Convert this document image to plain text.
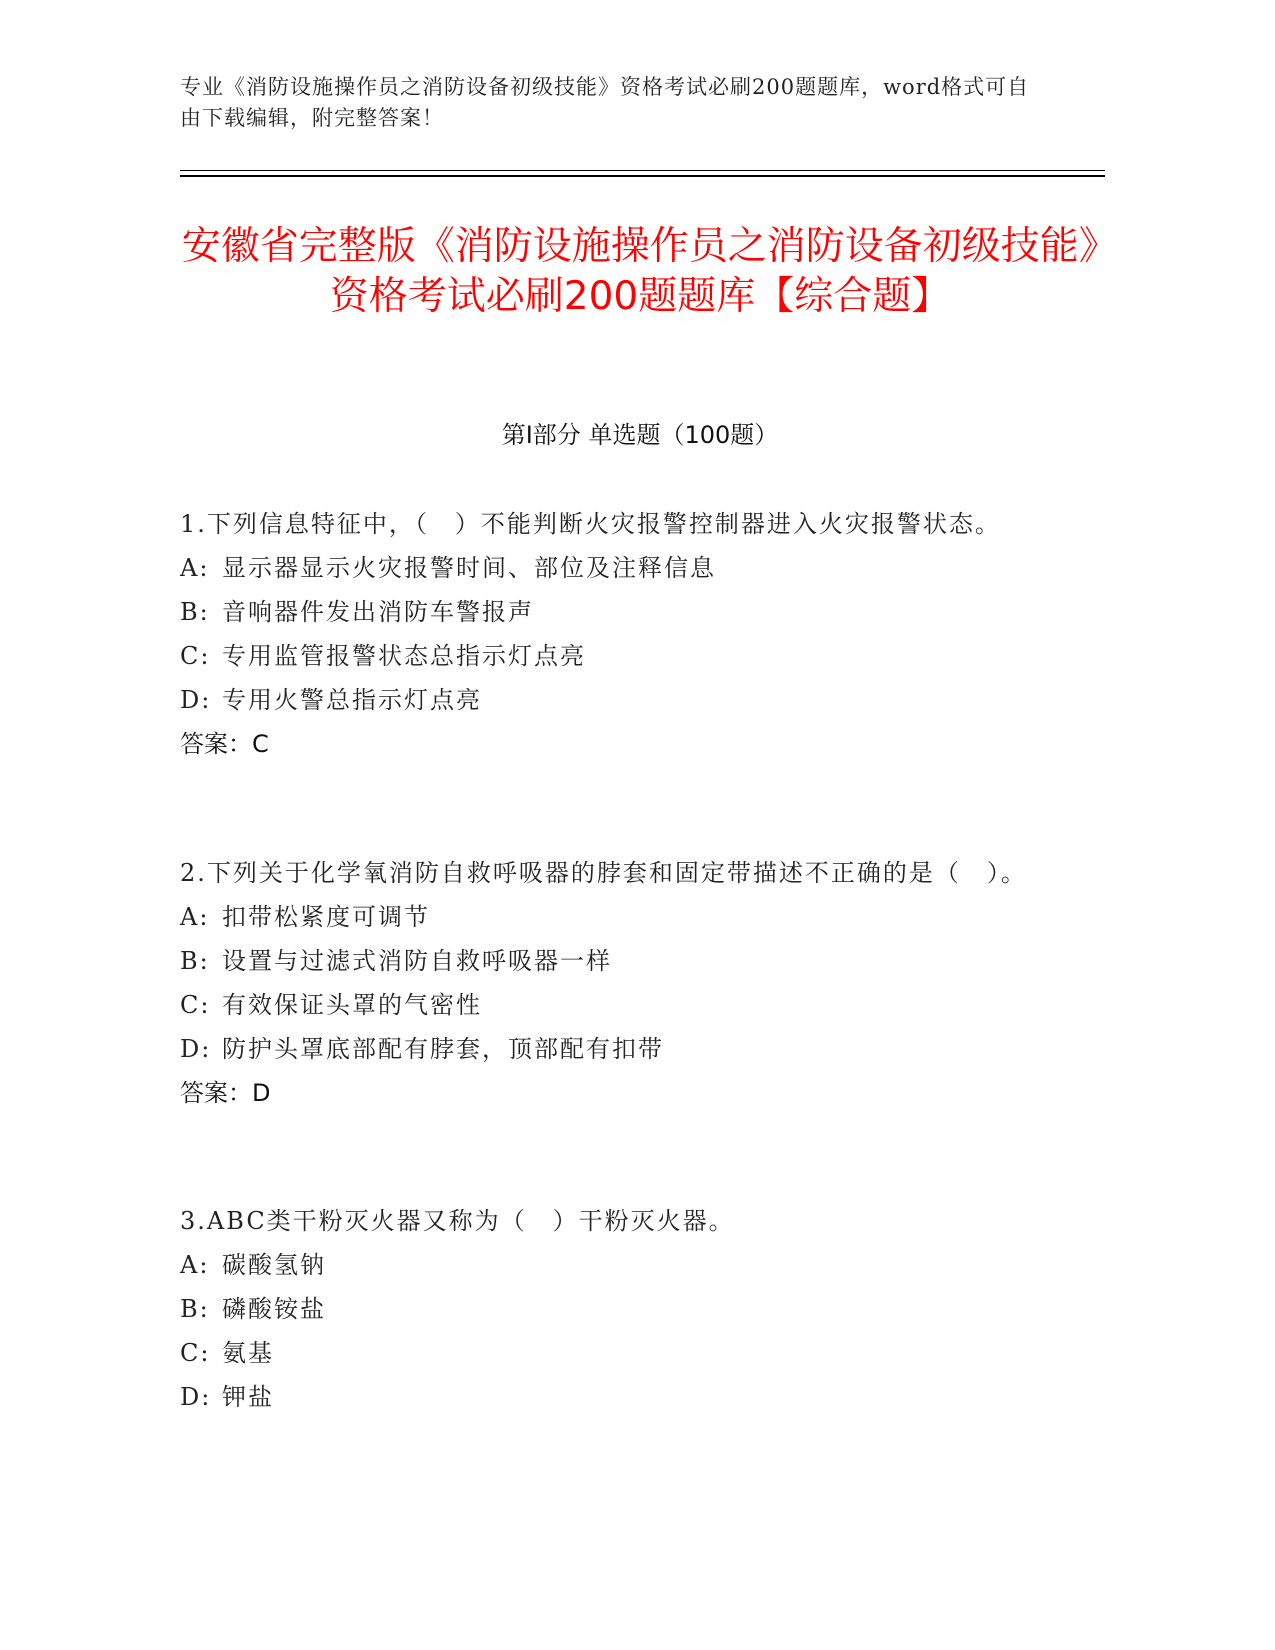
专业《消防设施操作员之消防设备初级技能》资格考试必刷200题题库，word格式可自由下载编辑，附完整答案！
安徽省完整版《消防设施操作员之消防设备初级技能》资格考试必刷200题题库【综合题】
第I部分 单选题（100题）
1.下列信息特征中，（　）不能判断火灾报警控制器进入火灾报警状态。
A: 显示器显示火灾报警时间、部位及注释信息
B: 音响器件发出消防车警报声
C: 专用监管报警状态总指示灯点亮
D: 专用火警总指示灯点亮
答案：C
2.下列关于化学氧消防自救呼吸器的脖套和固定带描述不正确的是（　）。
A: 扣带松紧度可调节
B: 设置与过滤式消防自救呼吸器一样
C: 有效保证头罩的气密性
D: 防护头罩底部配有脖套，顶部配有扣带
答案：D
3.ABC类干粉灭火器又称为（　）干粉灭火器。
A: 碳酸氢钠
B: 磷酸铵盐
C: 氨基
D: 钾盐
